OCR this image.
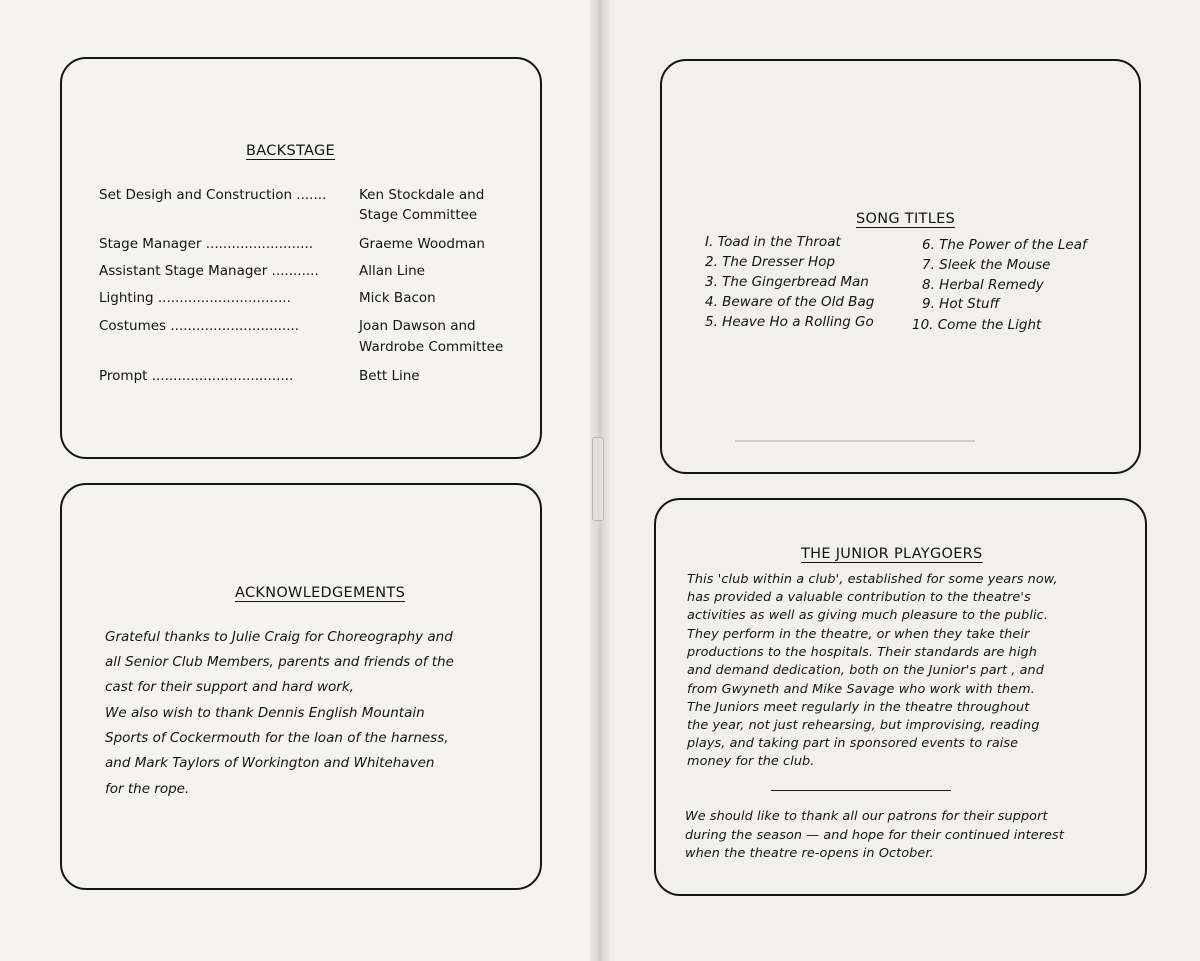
BACKSTAGE
Set Desigh and Construction ....... Ken Stockdale and
Stage Committee
Stage Manager .........................	Graeme Woodman
Assistant Stage Manager ...........	Allan Line
Lighting ...............................	Mick Bacon
Costumes ..............................	Joan Dawson and
Wardrobe Committee
Prompt .................................	Bett Line
ACKNOWLEDGEMENTS
Grateful thanks to Julie Craig for Choreography and
all Senior Club Members, parents and friends of the
cast for their support and hard work,
We also wish to thank Dennis English Mountain
Sports of Cockermouth for the loan of the harness,
and Mark Taylors of Workington and Whitehaven
for the rope.
SONG TITLES
I. Toad in the Throat
2. The Dresser Hop
3. The Gingerbread Man
4. Beware of the Old Bag
5. Heave Ho a Rolling Go
6. The Power of the Leaf
7. Sleek the Mouse
8. Herbal Remedy
9. Hot Stuff
10. Come the Light
THE JUNIOR PLAYGOERS
This 'club within a club', established for some years now,
has provided a valuable contribution to the theatre's
activities as well as giving much pleasure to the public.
They perform in the theatre, or when they take their
productions to the hospitals. Their standards are high
and demand dedication, both on the Junior's part , and
from Gwyneth and Mike Savage who work with them.
The Juniors meet regularly in the theatre throughout
the year, not just rehearsing, but improvising, reading
plays, and taking part in sponsored events to raise
money for the club.
We should like to thank all our patrons for their support
during the season — and hope for their continued interest
when the theatre re-opens in October.
